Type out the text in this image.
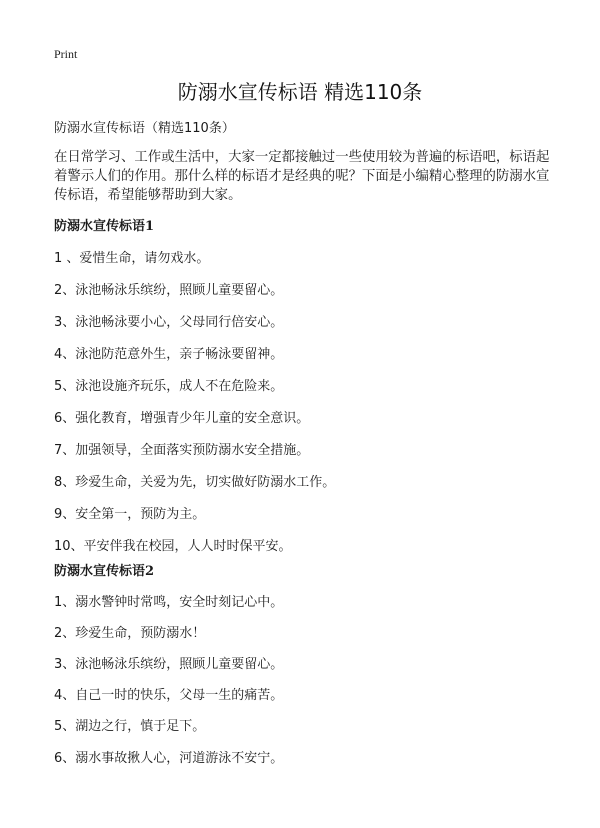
Print
防溺水宣传标语 精选110条

防溺水宣传标语（精选110条）

在日常学习、工作或生活中，大家一定都接触过一些使用较为普遍的标语吧，标语起着警示人们的作用。那什么样的标语才是经典的呢？下面是小编精心整理的防溺水宣传标语，希望能够帮助到大家。

防溺水宣传标语1
1 、爱惜生命，请勿戏水。
2、泳池畅泳乐缤纷，照顾儿童要留心。
3、泳池畅泳要小心，父母同行倍安心。
4、泳池防范意外生，亲子畅泳要留神。
5、泳池设施齐玩乐，成人不在危险来。
6、强化教育，增强青少年儿童的安全意识。
7、加强领导，全面落实预防溺水安全措施。
8、珍爱生命，关爱为先，切实做好防溺水工作。
9、安全第一，预防为主。
10、平安伴我在校园，人人时时保平安。
防溺水宣传标语2
1、溺水警钟时常鸣，安全时刻记心中。
2、珍爱生命，预防溺水！
3、泳池畅泳乐缤纷，照顾儿童要留心。
4、自己一时的快乐，父母一生的痛苦。
5、湖边之行，慎于足下。
6、溺水事故揪人心，河道游泳不安宁。
